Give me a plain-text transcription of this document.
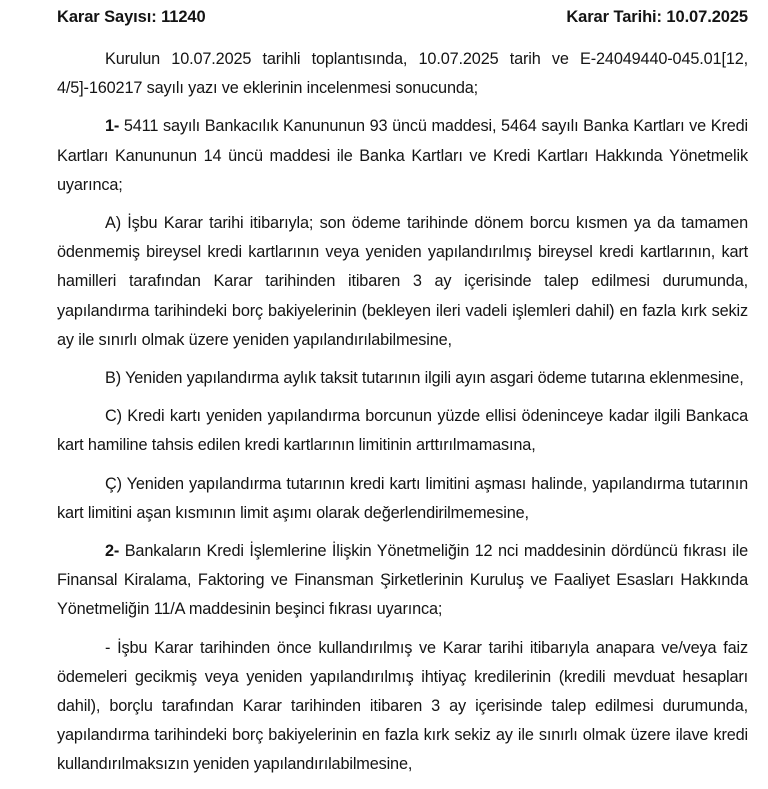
Karar Sayısı: 11240	Karar Tarihi: 10.07.2025

Kurulun 10.07.2025 tarihli toplantısında, 10.07.2025 tarih ve E-24049440-045.01[12, 4/5]-160217 sayılı yazı ve eklerinin incelenmesi sonucunda;

1- 5411 sayılı Bankacılık Kanununun 93 üncü maddesi, 5464 sayılı Banka Kartları ve Kredi Kartları Kanununun 14 üncü maddesi ile Banka Kartları ve Kredi Kartları Hakkında Yönetmelik uyarınca;

A) İşbu Karar tarihi itibarıyla; son ödeme tarihinde dönem borcu kısmen ya da tamamen ödenmemiş bireysel kredi kartlarının veya yeniden yapılandırılmış bireysel kredi kartlarının, kart hamilleri tarafından Karar tarihinden itibaren 3 ay içerisinde talep edilmesi durumunda, yapılandırma tarihindeki borç bakiyelerinin (bekleyen ileri vadeli işlemleri dahil) en fazla kırk sekiz ay ile sınırlı olmak üzere yeniden yapılandırılabilmesine,

B) Yeniden yapılandırma aylık taksit tutarının ilgili ayın asgari ödeme tutarına eklenmesine,

C) Kredi kartı yeniden yapılandırma borcunun yüzde ellisi ödeninceye kadar ilgili Bankaca kart hamiline tahsis edilen kredi kartlarının limitinin arttırılmamasına,

Ç) Yeniden yapılandırma tutarının kredi kartı limitini aşması halinde, yapılandırma tutarının kart limitini aşan kısmının limit aşımı olarak değerlendirilmemesine,

2- Bankaların Kredi İşlemlerine İlişkin Yönetmeliğin 12 nci maddesinin dördüncü fıkrası ile Finansal Kiralama, Faktoring ve Finansman Şirketlerinin Kuruluş ve Faaliyet Esasları Hakkında Yönetmeliğin 11/A maddesinin beşinci fıkrası uyarınca;

- İşbu Karar tarihinden önce kullandırılmış ve Karar tarihi itibarıyla anapara ve/veya faiz ödemeleri gecikmiş veya yeniden yapılandırılmış ihtiyaç kredilerinin (kredili mevduat hesapları dahil), borçlu tarafından Karar tarihinden itibaren 3 ay içerisinde talep edilmesi durumunda, yapılandırma tarihindeki borç bakiyelerinin en fazla kırk sekiz ay ile sınırlı olmak üzere ilave kredi kullandırılmaksızın yeniden yapılandırılabilmesine,
